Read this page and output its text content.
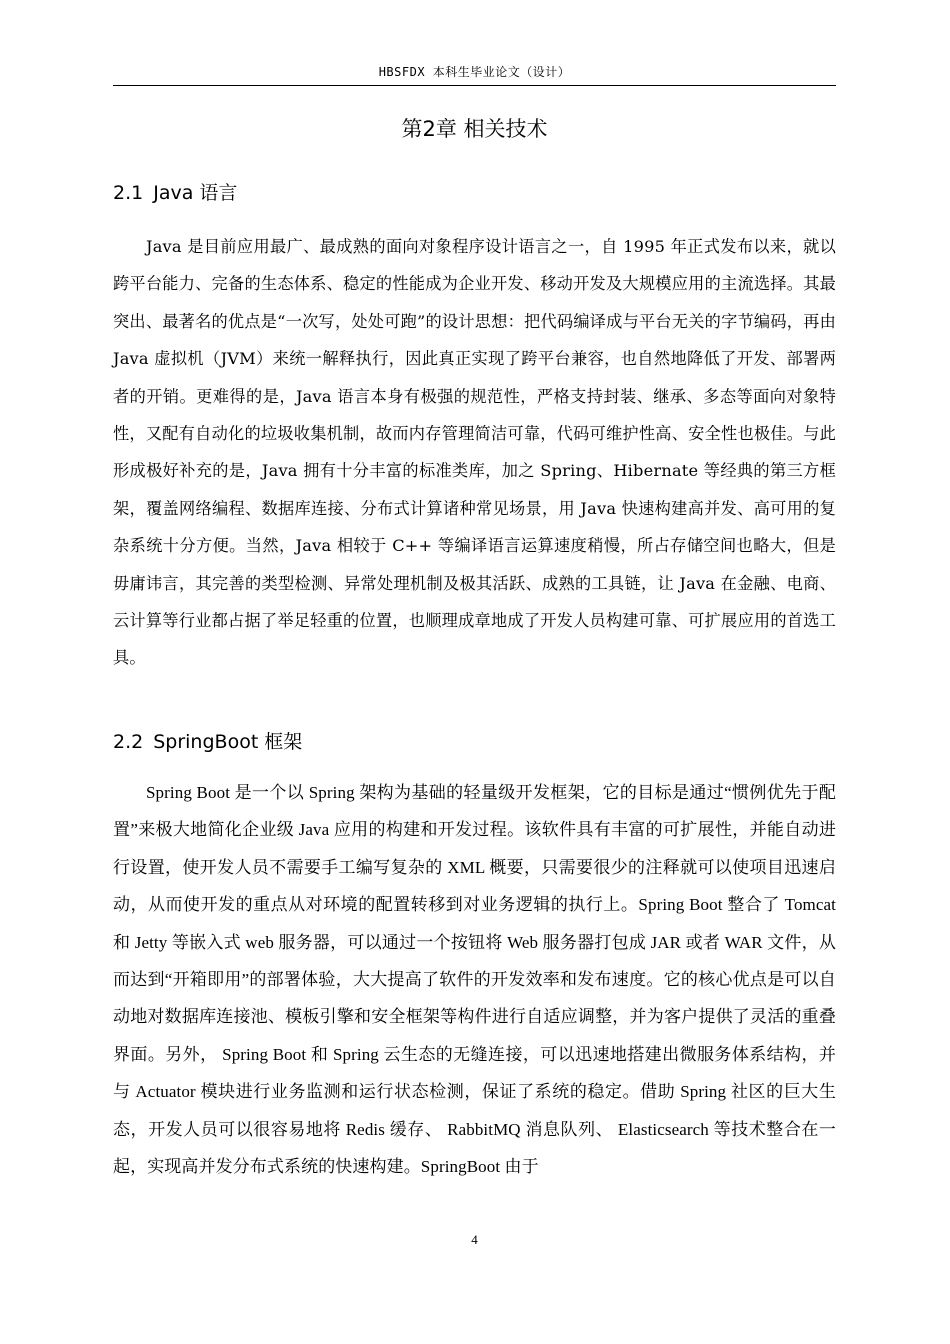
HBSFDX 本科生毕业论文（设计）
第2章 相关技术
2.1 Java 语言

Java 是目前应用最广、最成熟的面向对象程序设计语言之一，自 1995 年正式发布以来，就以跨平台能力、完备的生态体系、稳定的性能成为企业开发、移动开发及大规模应用的主流选择。其最突出、最著名的优点是“一次写，处处可跑”的设计思想：把代码编译成与平台无关的字节编码，再由 Java 虚拟机（JVM）来统一解释执行，因此真正实现了跨平台兼容，也自然地降低了开发、部署两者的开销。更难得的是，Java 语言本身有极强的规范性，严格支持封装、继承、多态等面向对象特性，又配有自动化的垃圾收集机制，故而内存管理简洁可靠，代码可维护性高、安全性也极佳。与此形成极好补充的是，Java 拥有十分丰富的标准类库，加之 Spring、Hibernate 等经典的第三方框架，覆盖网络编程、数据库连接、分布式计算诸种常见场景，用 Java 快速构建高并发、高可用的复杂系统十分方便。当然，Java 相较于 C++ 等编译语言运算速度稍慢，所占存储空间也略大，但是毋庸讳言，其完善的类型检测、异常处理机制及极其活跃、成熟的工具链，让 Java 在金融、电商、云计算等行业都占据了举足轻重的位置，也顺理成章地成了开发人员构建可靠、可扩展应用的首选工具。

2.2 SpringBoot 框架

Spring Boot 是一个以 Spring 架构为基础的轻量级开发框架，它的目标是通过“惯例优先于配置”来极大地简化企业级 Java 应用的构建和开发过程。该软件具有丰富的可扩展性，并能自动进行设置，使开发人员不需要手工编写复杂的 XML 概要，只需要很少的注释就可以使项目迅速启动，从而使开发的重点从对环境的配置转移到对业务逻辑的执行上。Spring Boot 整合了 Tomcat 和 Jetty 等嵌入式 web 服务器，可以通过一个按钮将 Web 服务器打包成 JAR 或者 WAR 文件，从而达到“开箱即用”的部署体验，大大提高了软件的开发效率和发布速度。它的核心优点是可以自动地对数据库连接池、模板引擎和安全框架等构件进行自适应调整，并为客户提供了灵活的重叠界面。另外， Spring Boot 和 Spring 云生态的无缝连接，可以迅速地搭建出微服务体系结构，并与 Actuator 模块进行业务监测和运行状态检测，保证了系统的稳定。借助 Spring 社区的巨大生态，开发人员可以很容易地将 Redis 缓存、 RabbitMQ 消息队列、 Elasticsearch 等技术整合在一起，实现高并发分布式系统的快速构建。SpringBoot 由于

4
